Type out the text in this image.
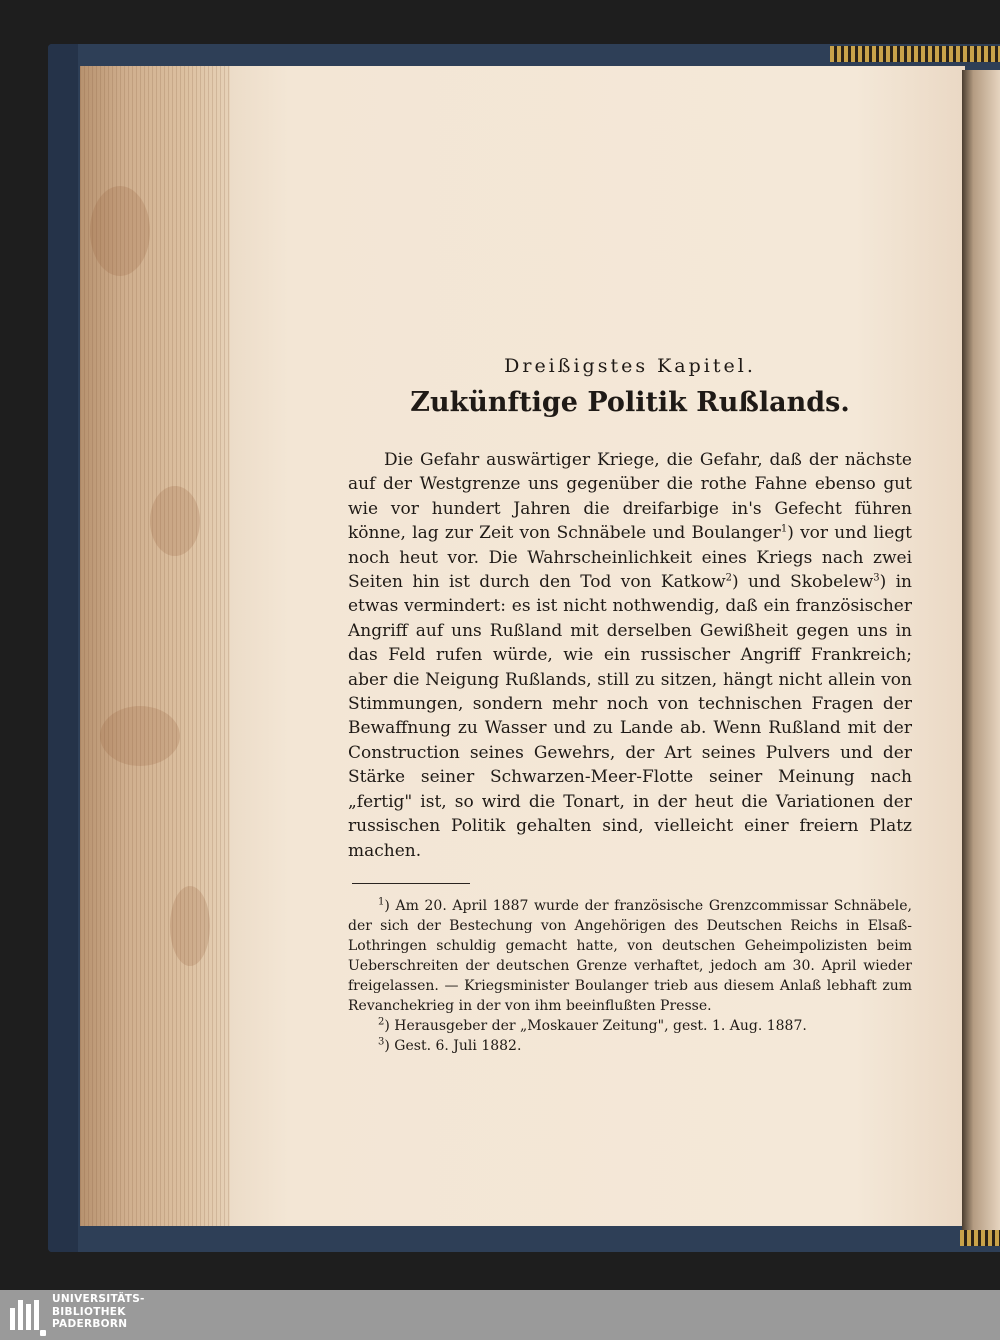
Dreißigstes Kapitel.

Zukünftige Politik Rußlands.

Die Gefahr auswärtiger Kriege, die Gefahr, daß der nächste auf der Westgrenze uns gegenüber die rothe Fahne ebenso gut wie vor hundert Jahren die dreifarbige in's Gefecht führen könne, lag zur Zeit von Schnäbele und Boulanger$^1$) vor und liegt noch heut vor. Die Wahrscheinlichkeit eines Kriegs nach zwei Seiten hin ist durch den Tod von Katkow$^2$) und Skobelew$^3$) in etwas vermindert: es ist nicht nothwendig, daß ein französischer Angriff auf uns Rußland mit derselben Gewißheit gegen uns in das Feld rufen würde, wie ein russischer Angriff Frankreich; aber die Neigung Rußlands, still zu sitzen, hängt nicht allein von Stimmungen, sondern mehr noch von technischen Fragen der Bewaffnung zu Wasser und zu Lande ab. Wenn Rußland mit der Construction seines Gewehrs, der Art seines Pulvers und der Stärke seiner Schwarzen-Meer-Flotte seiner Meinung nach „fertig" ist, so wird die Tonart, in der heut die Variationen der russischen Politik gehalten sind, vielleicht einer freiern Platz machen.

$^1$) Am 20. April 1887 wurde der französische Grenzcommissar Schnäbele, der sich der Bestechung von Angehörigen des Deutschen Reichs in Elsaß-Lothringen schuldig gemacht hatte, von deutschen Geheimpolizisten beim Ueberschreiten der deutschen Grenze verhaftet, jedoch am 30. April wieder freigelassen. — Kriegsminister Boulanger trieb aus diesem Anlaß lebhaft zum Revanchekrieg in der von ihm beeinflußten Presse.

$^2$) Herausgeber der „Moskauer Zeitung", gest. 1. Aug. 1887.

$^3$) Gest. 6. Juli 1882.

UNIVERSITÄTS-
BIBLIOTHEK
PADERBORN
